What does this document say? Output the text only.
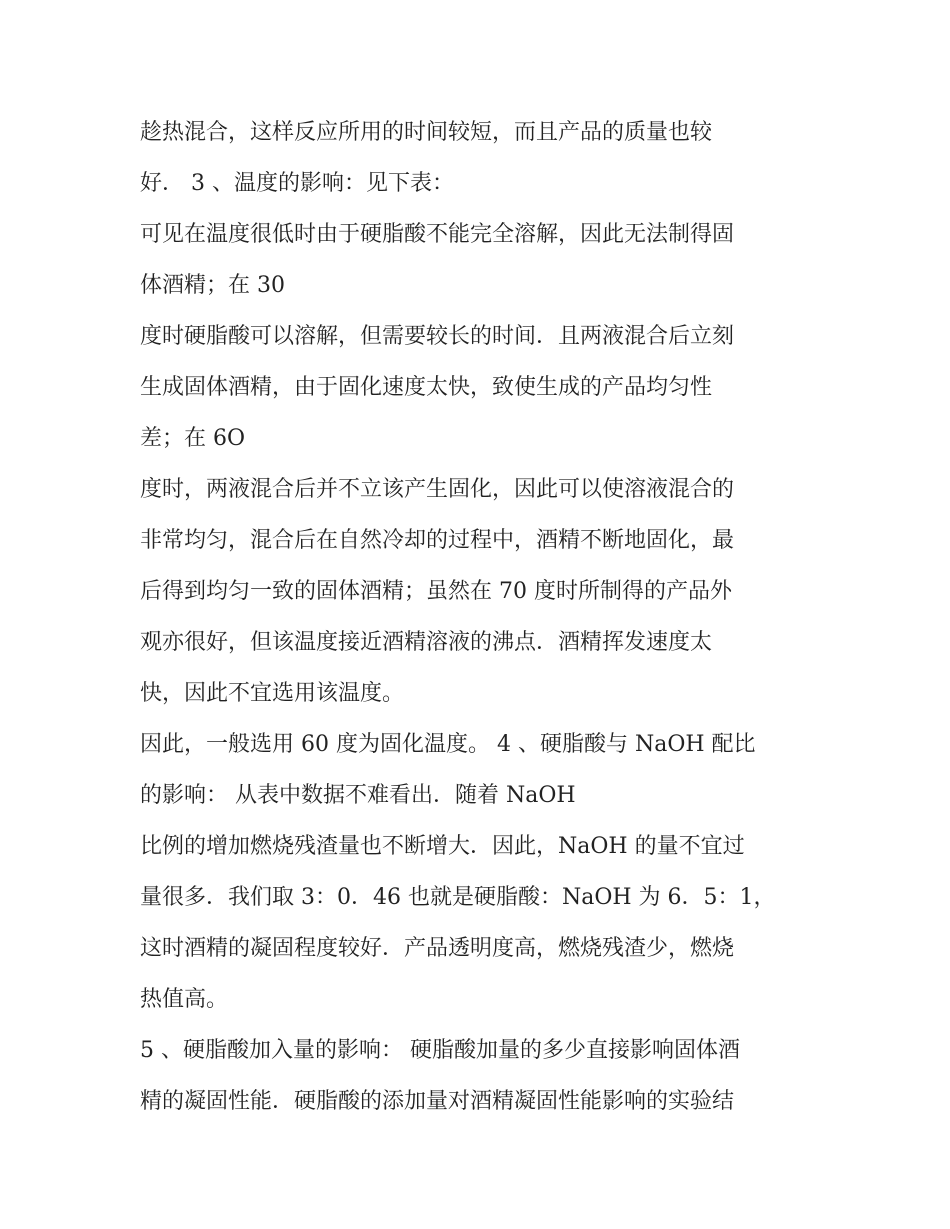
趁热混合，这样反应所用的时间较短，而且产品的质量也较
好． 3 、温度的影响：见下表：
可见在温度很低时由于硬脂酸不能完全溶解，因此无法制得固
体酒精；在 30
度时硬脂酸可以溶解，但需要较长的时间．且两液混合后立刻
生成固体酒精，由于固化速度太快，致使生成的产品均匀性
差；在 6O
度时，两液混合后并不立该产生固化，因此可以使溶液混合的
非常均匀，混合后在自然冷却的过程中，酒精不断地固化，最
后得到均匀一致的固体酒精；虽然在 70 度时所制得的产品外
观亦很好，但该温度接近酒精溶液的沸点．酒精挥发速度太
快，因此不宜选用该温度。
因此，一般选用 60 度为固化温度。 4 、硬脂酸与 NaOH 配比
的影响： 从表中数据不难看出．随着 NaOH
比例的增加燃烧残渣量也不断增大．因此，NaOH 的量不宜过
量很多．我们取 3：0．46 也就是硬脂酸：NaOH 为 6．5：1，
这时酒精的凝固程度较好．产品透明度高，燃烧残渣少，燃烧
热值高。
5 、硬脂酸加入量的影响： 硬脂酸加量的多少直接影响固体酒
精的凝固性能．硬脂酸的添加量对酒精凝固性能影响的实验结
